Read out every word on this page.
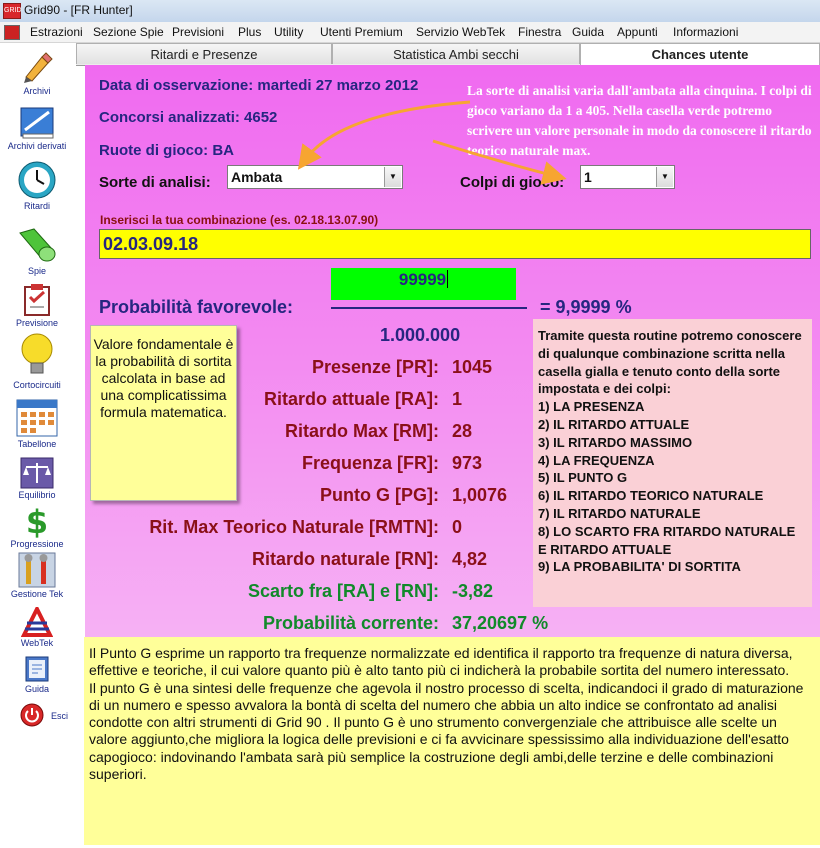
GRID Grid90 - [FR Hunter]
Estrazioni Sezione Spie Previsioni Plus Utility Utenti Premium Servizio WebTek Finestra Guida Appunti Informazioni
Archivi
Archivi derivati
Ritardi
Spie
Previsione
Cortocircuiti
Tabellone
Equilibrio
$
Progressione
Gestione Tek
WebTek
Guida
Esci
Ritardi e Presenze	Statistica Ambi secchi	Chances utente
Data di osservazione: martedi 27 marzo 2012
Concorsi analizzati: 4652
Ruote di gioco: BA
La sorte di analisi varia dall'ambata alla cinquina. I colpi di gioco variano da 1 a 405. Nella casella verde potremo scrivere un valore personale in modo da conoscere il ritardo teorico naturale max.
Sorte di analisi: Ambata	▼	Colpi di gioco: 1	▼
Inserisci la tua combinazione (es. 02.18.13.07.90)
02.03.09.18
99999
Probabilità favorevole:	= 9,9999 %
1.000.000
Presenze [PR]: 1045
Ritardo attuale [RA]: 1
Ritardo Max [RM]: 28
Frequenza [FR]: 973
Punto G [PG]: 1,0076
Rit. Max Teorico Naturale [RMTN]: 0
Ritardo naturale [RN]: 4,82
Scarto fra [RA] e [RN]: -3,82
Probabilità corrente: 37,20697 %
Valore fondamentale è la probabilità di sortita calcolata in base ad una complicatissima formula matematica.
Tramite questa routine potremo conoscere di qualunque combinazione scritta nella casella gialla e tenuto conto della sorte impostata e dei colpi:
1) LA PRESENZA
2) IL RITARDO ATTUALE
3) IL RITARDO MASSIMO
4) LA FREQUENZA
5) IL PUNTO G
6) IL RITARDO TEORICO NATURALE
7) IL RITARDO NATURALE
8) LO SCARTO FRA RITARDO NATURALE E RITARDO ATTUALE
9) LA PROBABILITA' DI SORTITA
Il Punto G esprime un rapporto tra frequenze normalizzate ed identifica il rapporto tra frequenze di natura diversa, effettive e teoriche, il cui valore quanto più è alto tanto più ci indicherà la probabile sortita del numero interessato.
Il punto G è una sintesi delle frequenze che agevola il nostro processo di scelta, indicandoci il grado di maturazione di un numero e spesso avvalora la bontà di scelta del numero che abbia un alto indice se confrontato ad analisi condotte con altri strumenti di Grid 90 . Il punto G è uno strumento convergenziale che attribuisce alle scelte un valore aggiunto,che migliora la logica delle previsioni e ci fa avvicinare spessissimo alla individuazione dell'esatto capogioco: indovinando l'ambata sarà più semplice la costruzione degli ambi,delle terzine e delle combinazioni superiori.
